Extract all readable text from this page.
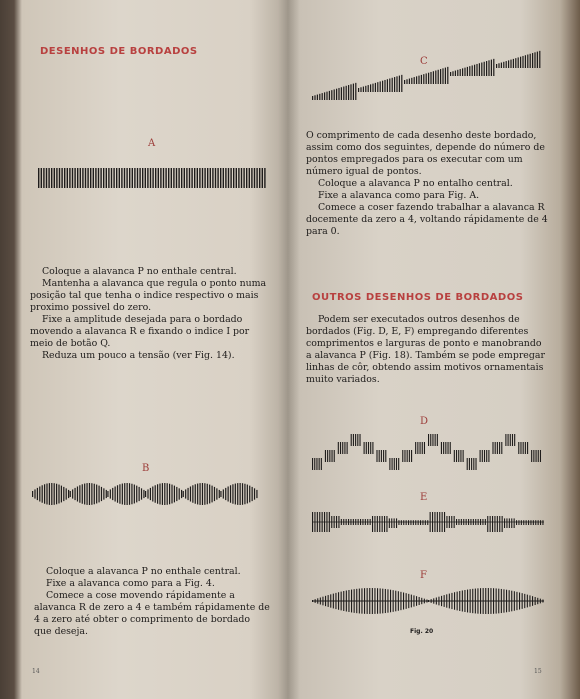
DESENHOS DE BORDADOS
A

Coloque a alavanca P no enthale central.

Mantenha a alavanca que regula o ponto numa posição tal que tenha o indice respectivo o mais proximo possivel do zero.

Fixe a amplitude desejada para o bordado movendo a alavanca R e fixando o indice I por meio de botão Q.

Reduza um pouco a tensão (ver Fig. 14).

B

Coloque a alavanca P no enthale central.

Fixe a alavanca como para a Fig. 4.

Comece a cose movendo rápidamente a alavanca R de zero a 4 e também rápidamente de 4 a zero até obter o comprimento de bordado que deseja.

14
C

O comprimento de cada desenho deste bordado, assim como dos seguintes, depende do número de pontos empregados para os executar com um número igual de pontos.

Coloque a alavanca P no entalho central.

Fixe a alavanca como para Fig. A.

Comece a coser fazendo trabalhar a alavanca R docemente da zero a 4, voltando rápidamente de 4 para 0.

OUTROS DESENHOS DE BORDADOS

Podem ser executados outros desenhos de bordados (Fig. D, E, F) empregando diferentes comprimentos e larguras de ponto e manobrando a alavanca P (Fig. 18). Também se pode empregar linhas de côr, obtendo assim motivos ornamentais muito variados.

D
E
F
Fig. 20
15
